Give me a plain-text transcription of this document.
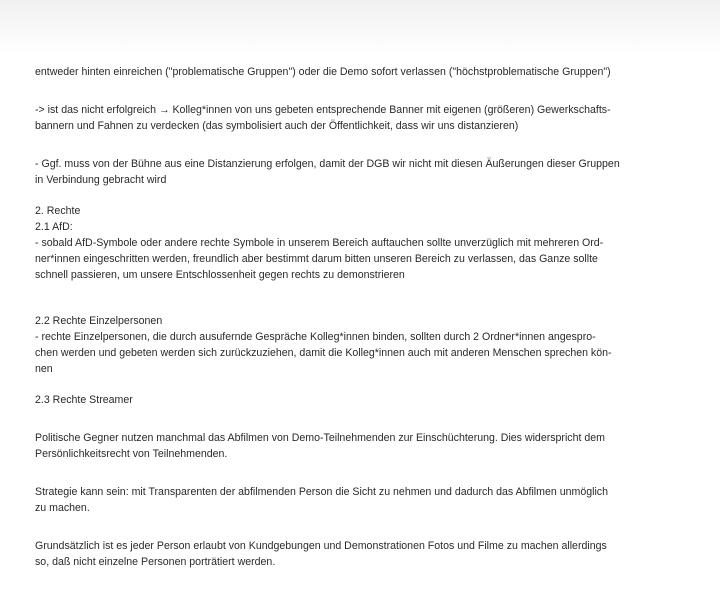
entweder hinten einreichen ("problematische Gruppen") oder die Demo sofort verlassen ("höchstproblematische Gruppen")

-> ist das nicht erfolgreich → Kolleg*innen von uns gebeten entsprechende Banner mit eigenen (größeren) Gewerkschafts-
bannern und Fahnen zu verdecken (das symbolisiert auch der Öffentlichkeit, dass wir uns distanzieren)

- Ggf. muss von der Bühne aus eine Distanzierung erfolgen, damit der DGB wir nicht mit diesen Äußerungen dieser Gruppen
in Verbindung gebracht wird

2. Rechte

2.1 AfD:

- sobald AfD-Symbole oder andere rechte Symbole in unserem Bereich auftauchen sollte unverzüglich mit mehreren Ord-
ner*innen eingeschritten werden, freundlich aber bestimmt darum bitten unseren Bereich zu verlassen, das Ganze sollte
schnell passieren, um unsere Entschlossenheit gegen rechts zu demonstrieren

2.2 Rechte Einzelpersonen

- rechte Einzelpersonen, die durch ausufernde Gespräche Kolleg*innen binden, sollten durch 2 Ordner*innen angespro-
chen werden und gebeten werden sich zurückzuziehen, damit die Kolleg*innen auch mit anderen Menschen sprechen kön-
nen

2.3 Rechte Streamer

Politische Gegner nutzen manchmal das Abfilmen von Demo-Teilnehmenden zur Einschüchterung. Dies widerspricht dem
Persönlichkeitsrecht von Teilnehmenden.

Strategie kann sein: mit Transparenten der abfilmenden Person die Sicht zu nehmen und dadurch das Abfilmen unmöglich
zu machen.

Grundsätzlich ist es jeder Person erlaubt von Kundgebungen und Demonstrationen Fotos und Filme zu machen allerdings
so, daß nicht einzelne Personen porträtiert werden.
